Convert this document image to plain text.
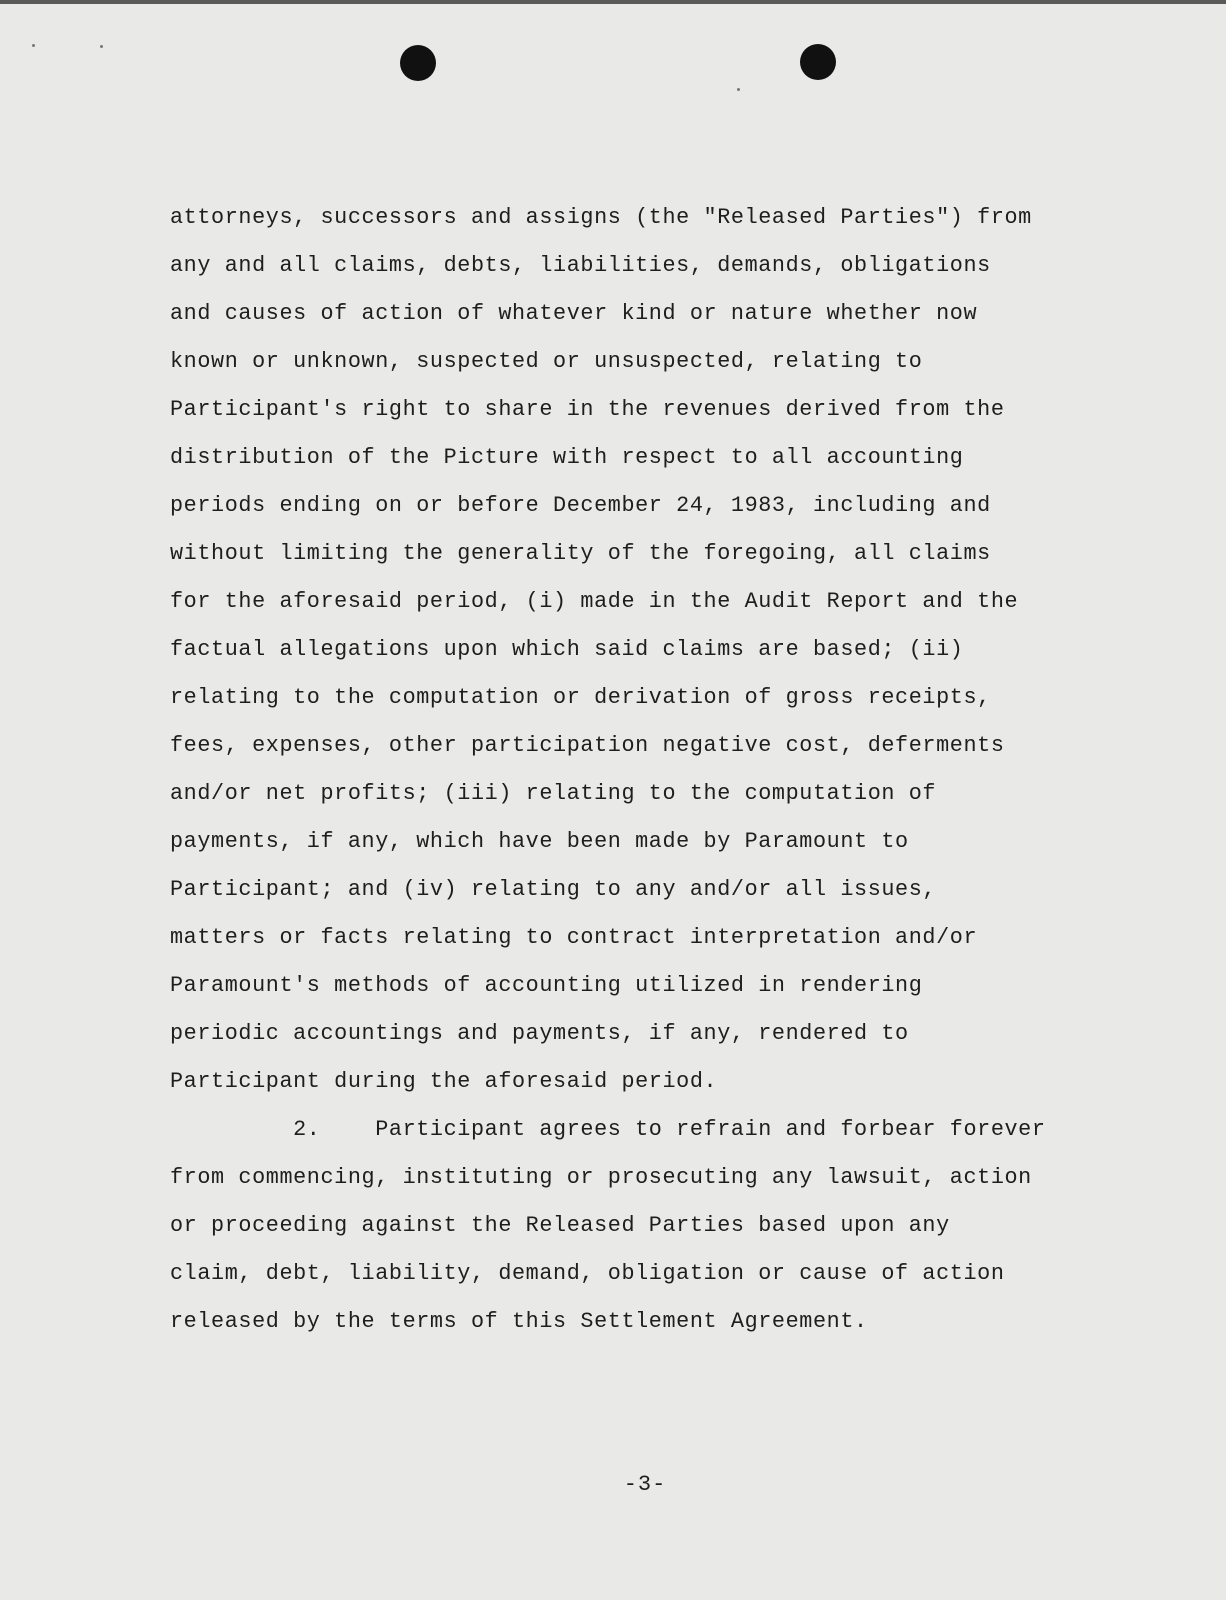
attorneys, successors and assigns (the "Released Parties") from

any and all claims, debts, liabilities, demands, obligations

and causes of action of whatever kind or nature whether now

known or unknown, suspected or unsuspected, relating to

Participant's right to share in the revenues derived from the

distribution of the Picture with respect to all accounting

periods ending on or before December 24, 1983, including and

without limiting the generality of the foregoing, all claims

for the aforesaid period, (i) made in the Audit Report and the

factual allegations upon which said claims are based; (ii)

relating to the computation or derivation of gross receipts,

fees, expenses, other participation negative cost, deferments

and/or net profits; (iii) relating to the computation of

payments, if any, which have been made by Paramount to

Participant; and (iv) relating to any and/or all issues,

matters or facts relating to contract interpretation and/or

Paramount's methods of accounting utilized in rendering

periodic accountings and payments, if any, rendered to

Participant during the aforesaid period.

2.    Participant agrees to refrain and forbear forever

from commencing, instituting or prosecuting any lawsuit, action

or proceeding against the Released Parties based upon any

claim, debt, liability, demand, obligation or cause of action

released by the terms of this Settlement Agreement.

-3-
